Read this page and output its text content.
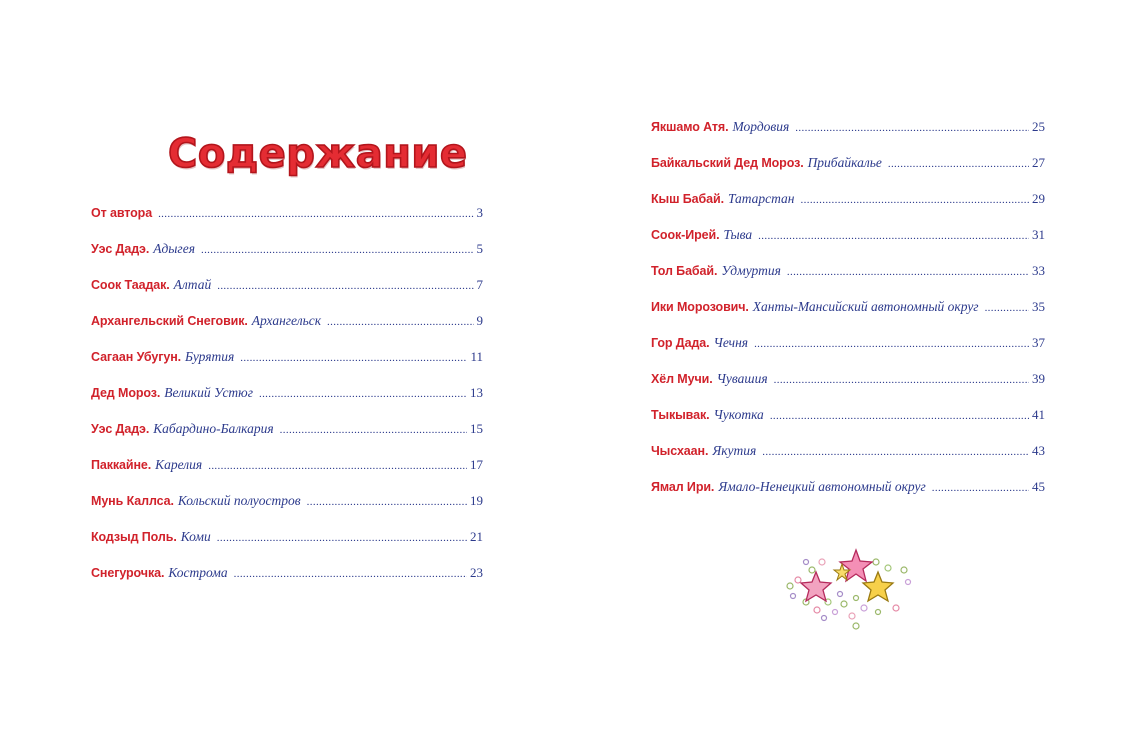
Содержание
От автора . . .	3
Уэс Дадэ. Адыгея . . .	5
Соок Таадак. Алтай . . .	7
Архангельский Снеговик. Архангельск . . .	9
Сагаан Убугун. Бурятия . . .	11
Дед Мороз. Великий Устюг . . .	13
Уэс Дадэ. Кабардино-Балкария . . .	15
Паккайне. Карелия . . .	17
Мунь Каллса. Кольский полуостров . . .	19
Кодзыд Поль. Коми . . .	21
Снегурочка. Кострома . . .	23
Якшамо Атя. Мордовия . . .	25
Байкальский Дед Мороз. Прибайкалье . . .	27
Кыш Бабай. Татарстан . . .	29
Соок-Ирей. Тыва . . .	31
Тол Бабай. Удмуртия . . .	33
Ики Морозович. Ханты-Мансийский автономный округ . . .	35
Гор Дада. Чечня . . .	37
Хёл Мучи. Чувашия . . .	39
Тыкывак. Чукотка . . .	41
Чысхаан. Якутия . . .	43
Ямал Ири. Ямало-Ненецкий автономный округ . . .	45
